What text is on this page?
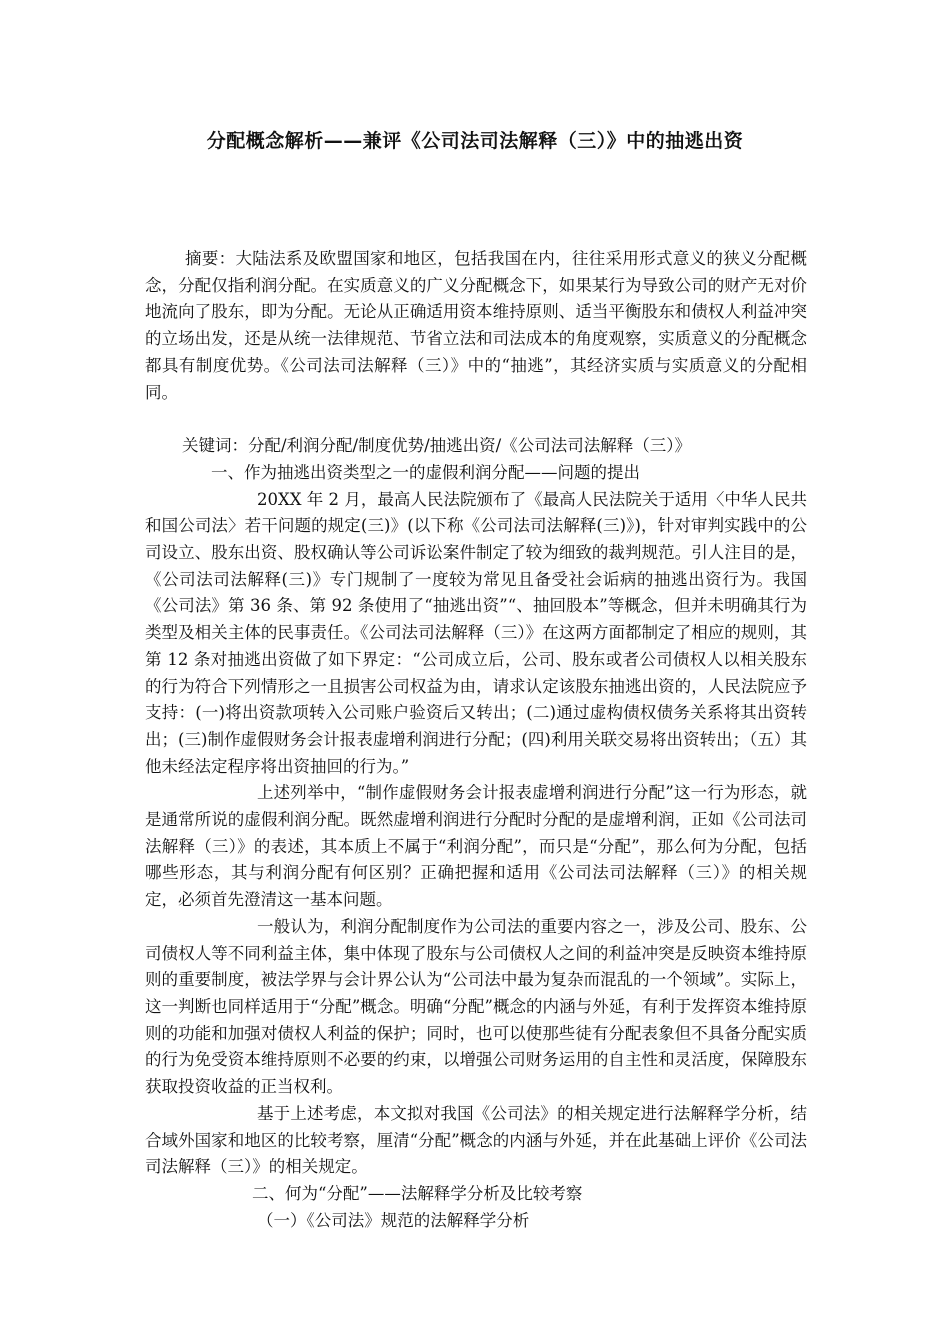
分配概念解析——兼评《公司法司法解释（三）》中的抽逃出资

摘要：大陆法系及欧盟国家和地区，包括我国在内，往往采用形式意义的狭义分配概念，分配仅指利润分配。在实质意义的广义分配概念下，如果某行为导致公司的财产无对价地流向了股东，即为分配。无论从正确适用资本维持原则、适当平衡股东和债权人利益冲突的立场出发，还是从统一法律规范、节省立法和司法成本的角度观察，实质意义的分配概念都具有制度优势。《公司法司法解释（三）》中的“抽逃”，其经济实质与实质意义的分配相同。

关键词：分配/利润分配/制度优势/抽逃出资/《公司法司法解释（三）》

一、作为抽逃出资类型之一的虚假利润分配——问题的提出

20XX 年 2 月，最高人民法院颁布了《最高人民法院关于适用〈中华人民共和国公司法〉若干问题的规定(三)》(以下称《公司法司法解释(三)》)，针对审判实践中的公司设立、股东出资、股权确认等公司诉讼案件制定了较为细致的裁判规范。引人注目的是，《公司法司法解释(三)》专门规制了一度较为常见且备受社会诟病的抽逃出资行为。我国《公司法》第 36 条、第 92 条使用了“抽逃出资”“、抽回股本”等概念，但并未明确其行为类型及相关主体的民事责任。《公司法司法解释（三）》在这两方面都制定了相应的规则，其第 12 条对抽逃出资做了如下界定：“公司成立后，公司、股东或者公司债权人以相关股东的行为符合下列情形之一且损害公司权益为由，请求认定该股东抽逃出资的，人民法院应予支持：(一)将出资款项转入公司账户验资后又转出；(二)通过虚构债权债务关系将其出资转出；(三)制作虚假财务会计报表虚增利润进行分配；(四)利用关联交易将出资转出；（五）其他未经法定程序将出资抽回的行为。”

上述列举中，“制作虚假财务会计报表虚增利润进行分配”这一行为形态，就是通常所说的虚假利润分配。既然虚增利润进行分配时分配的是虚增利润，正如《公司法司法解释（三）》的表述，其本质上不属于“利润分配”，而只是“分配”，那么何为分配，包括哪些形态，其与利润分配有何区别？正确把握和适用《公司法司法解释（三）》的相关规定，必须首先澄清这一基本问题。

一般认为，利润分配制度作为公司法的重要内容之一，涉及公司、股东、公司债权人等不同利益主体，集中体现了股东与公司债权人之间的利益冲突是反映资本维持原则的重要制度，被法学界与会计界公认为“公司法中最为复杂而混乱的一个领域”。实际上，这一判断也同样适用于“分配”概念。明确“分配”概念的内涵与外延，有利于发挥资本维持原则的功能和加强对债权人利益的保护；同时，也可以使那些徒有分配表象但不具备分配实质的行为免受资本维持原则不必要的约束，以增强公司财务运用的自主性和灵活度，保障股东获取投资收益的正当权利。

基于上述考虑，本文拟对我国《公司法》的相关规定进行法解释学分析，结合域外国家和地区的比较考察，厘清“分配”概念的内涵与外延，并在此基础上评价《公司法司法解释（三）》的相关规定。

二、何为“分配”——法解释学分析及比较考察

（一）《公司法》规范的法解释学分析
